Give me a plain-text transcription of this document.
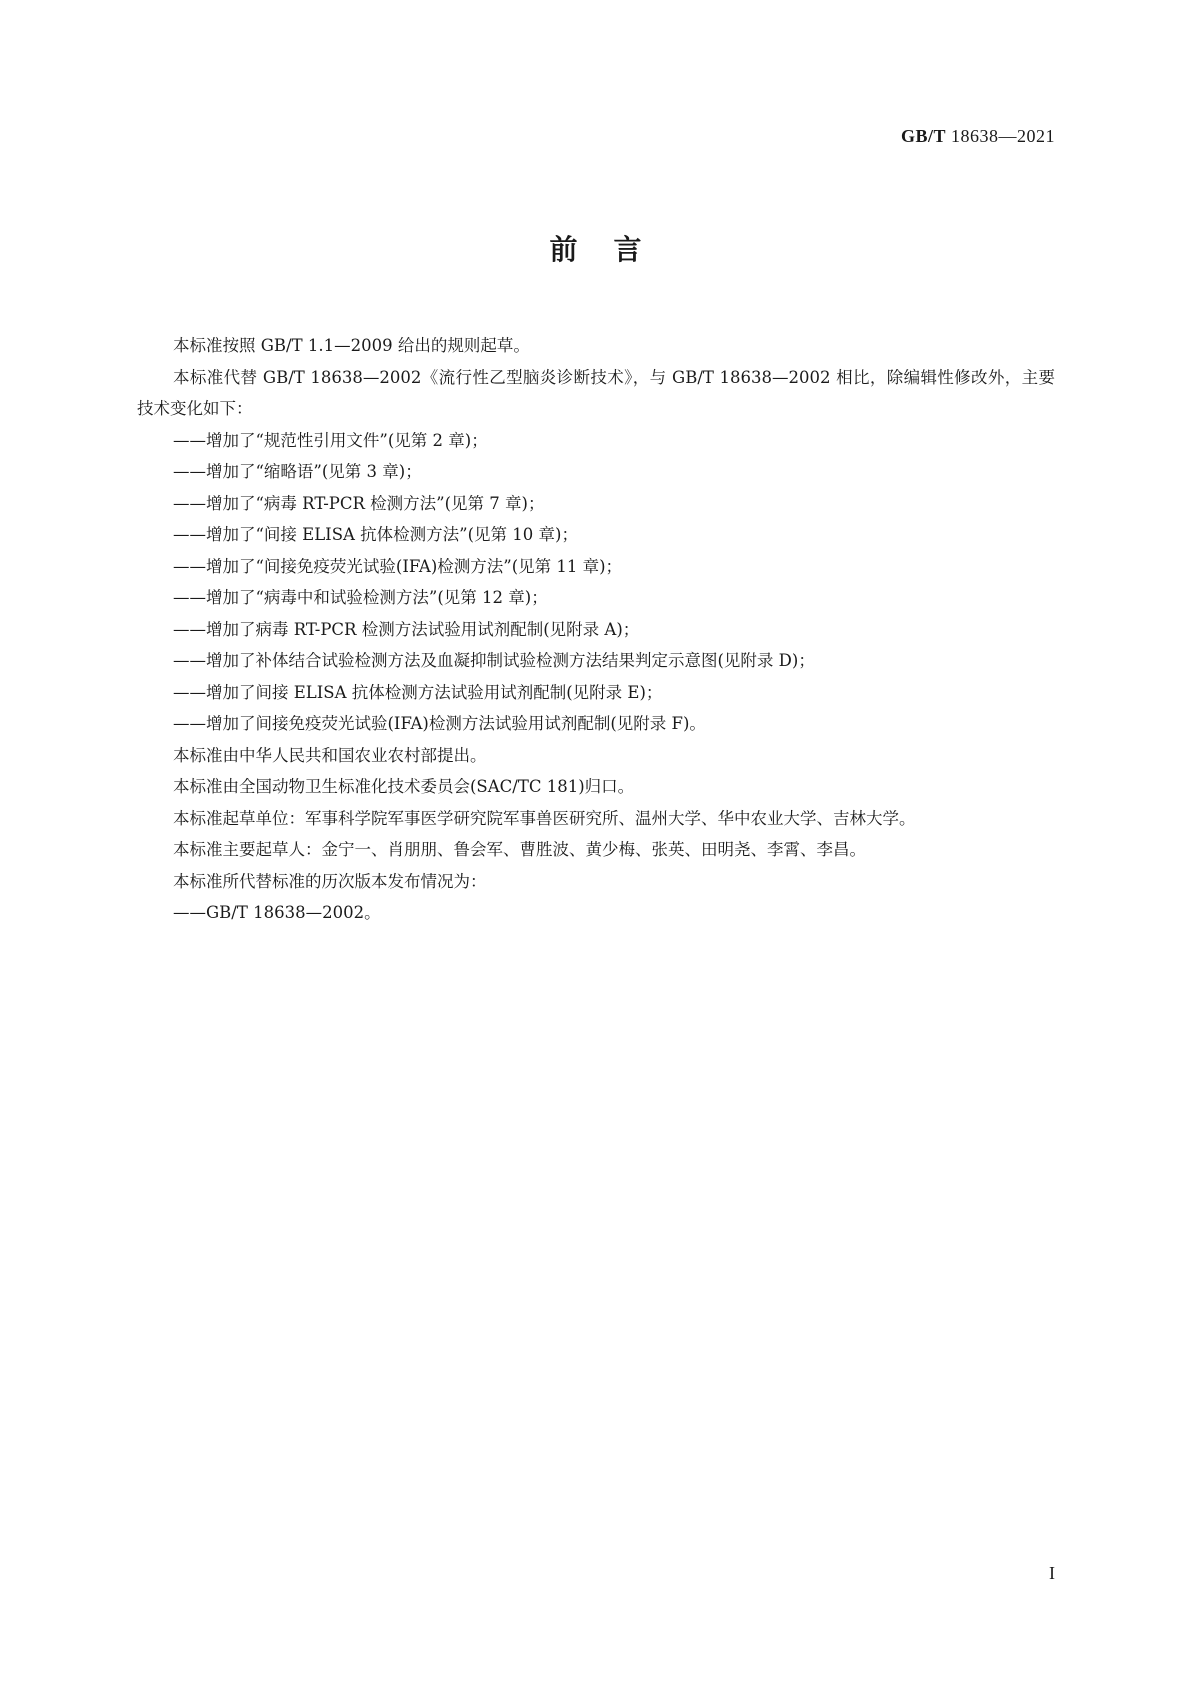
GB/T 18638—2021
前言

本标准按照 GB/T 1.1—2009 给出的规则起草。

本标准代替 GB/T 18638—2002《流行性乙型脑炎诊断技术》，与 GB/T 18638—2002 相比，除编辑性修改外，主要技术变化如下：

——增加了“规范性引用文件”(见第 2 章)；

——增加了“缩略语”(见第 3 章)；

——增加了“病毒 RT-PCR 检测方法”(见第 7 章)；

——增加了“间接 ELISA 抗体检测方法”(见第 10 章)；

——增加了“间接免疫荧光试验(IFA)检测方法”(见第 11 章)；

——增加了“病毒中和试验检测方法”(见第 12 章)；

——增加了病毒 RT-PCR 检测方法试验用试剂配制(见附录 A)；

——增加了补体结合试验检测方法及血凝抑制试验检测方法结果判定示意图(见附录 D)；

——增加了间接 ELISA 抗体检测方法试验用试剂配制(见附录 E)；

——增加了间接免疫荧光试验(IFA)检测方法试验用试剂配制(见附录 F)。

本标准由中华人民共和国农业农村部提出。

本标准由全国动物卫生标准化技术委员会(SAC/TC 181)归口。

本标准起草单位：军事科学院军事医学研究院军事兽医研究所、温州大学、华中农业大学、吉林大学。

本标准主要起草人：金宁一、肖朋朋、鲁会军、曹胜波、黄少梅、张英、田明尧、李霄、李昌。

本标准所代替标准的历次版本发布情况为：

——GB/T 18638—2002。

I
